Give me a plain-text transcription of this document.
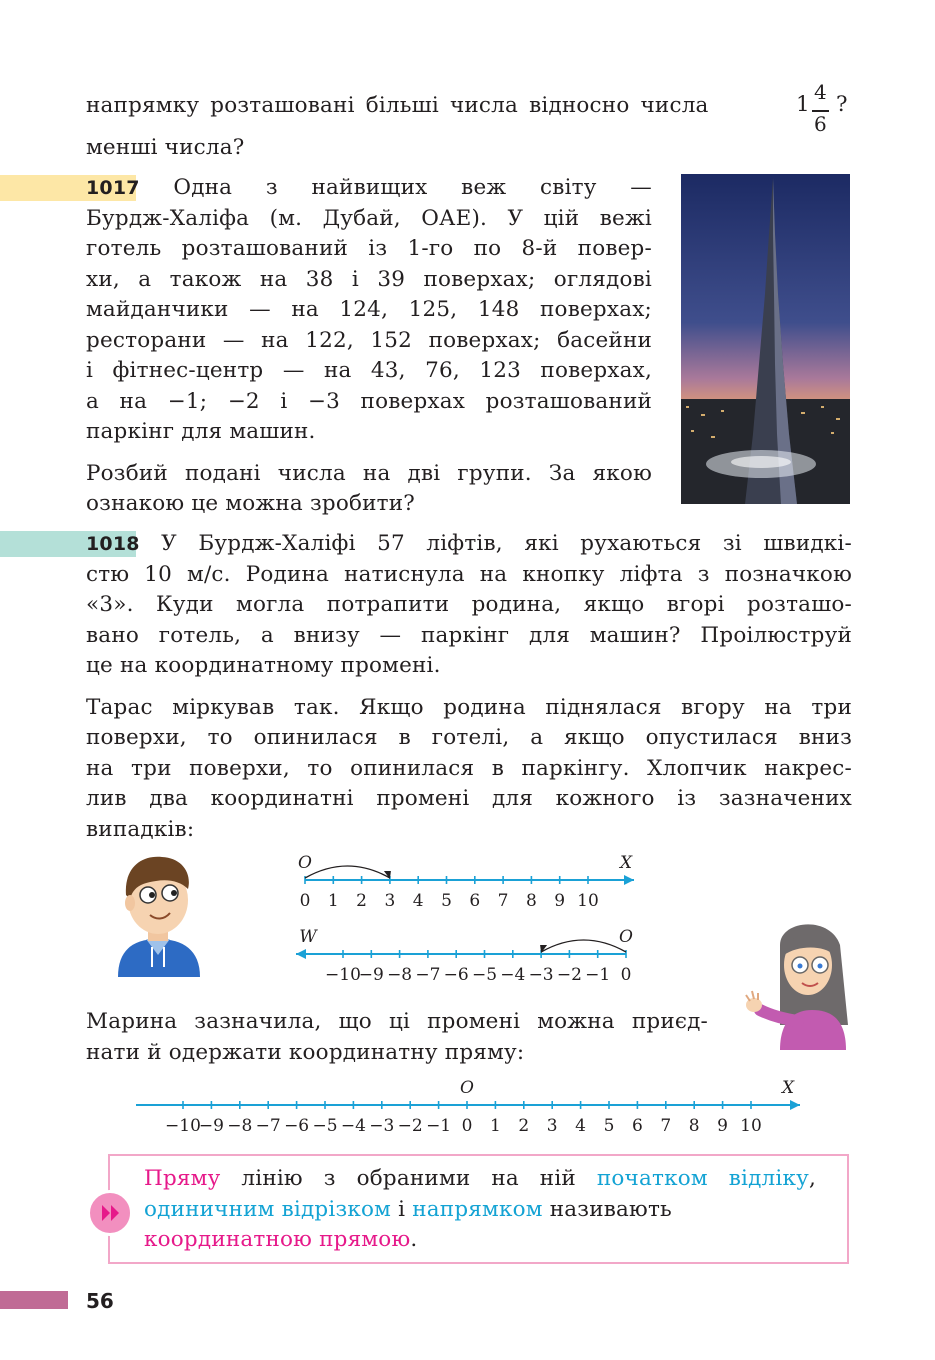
напрямку розташовані більші числа відносно числа	1 4
6
?
менші числа?
1017 Одна з найвищих веж світу —
Бурдж-Халіфа (м. Дубай, ОАЕ). У цій вежі
готель розташований із 1-го по 8-й повер-
хи, а також на 38 і 39 поверхах; оглядові
майданчики — на 124, 125, 148 поверхах;
ресторани — на 122, 152 поверхах; басейни
і фітнес-центр — на 43, 76, 123 поверхах,
а на −1; −2 і −3 поверхах розташований
паркінг для машин.
Розбий подані числа на дві групи. За якою
ознакою це можна зробити?
1018 У Бурдж-Халіфі 57 ліфтів, які рухаються зі швидкі-
стю 10 м/с. Родина натиснула на кнопку ліфта з позначкою
«3». Куди могла потрапити родина, якщо вгорі розташо-
вано готель, а внизу — паркінг для машин? Проілюструй
це на координатному промені.
Тарас міркував так. Якщо родина піднялася вгору на три
поверхи, то опинилася в готелі, а якщо опустилася вниз
на три поверхи, то опинилася в паркінгу. Хлопчик накрес-
лив два координатні промені для кожного із зазначених
випадків:
0 1 2 3 4 5 6 7 8 9 10
O	X
−10
−9 −8 −7 −6 −5 −4 −3 −2 −1 0
O
W
Марина зазначила, що ці промені можна приєд-
нати й одержати координатну пряму:
−10
−9 −8 −7 −6 −5 −4 −3 −2 −1 0 1 2 3 4 5 6 7 8 9 10
O	X
Пряму лінію з обраними на ній початком відліку,
одиничним відрізком і напрямком називають
координатною прямою.
56
